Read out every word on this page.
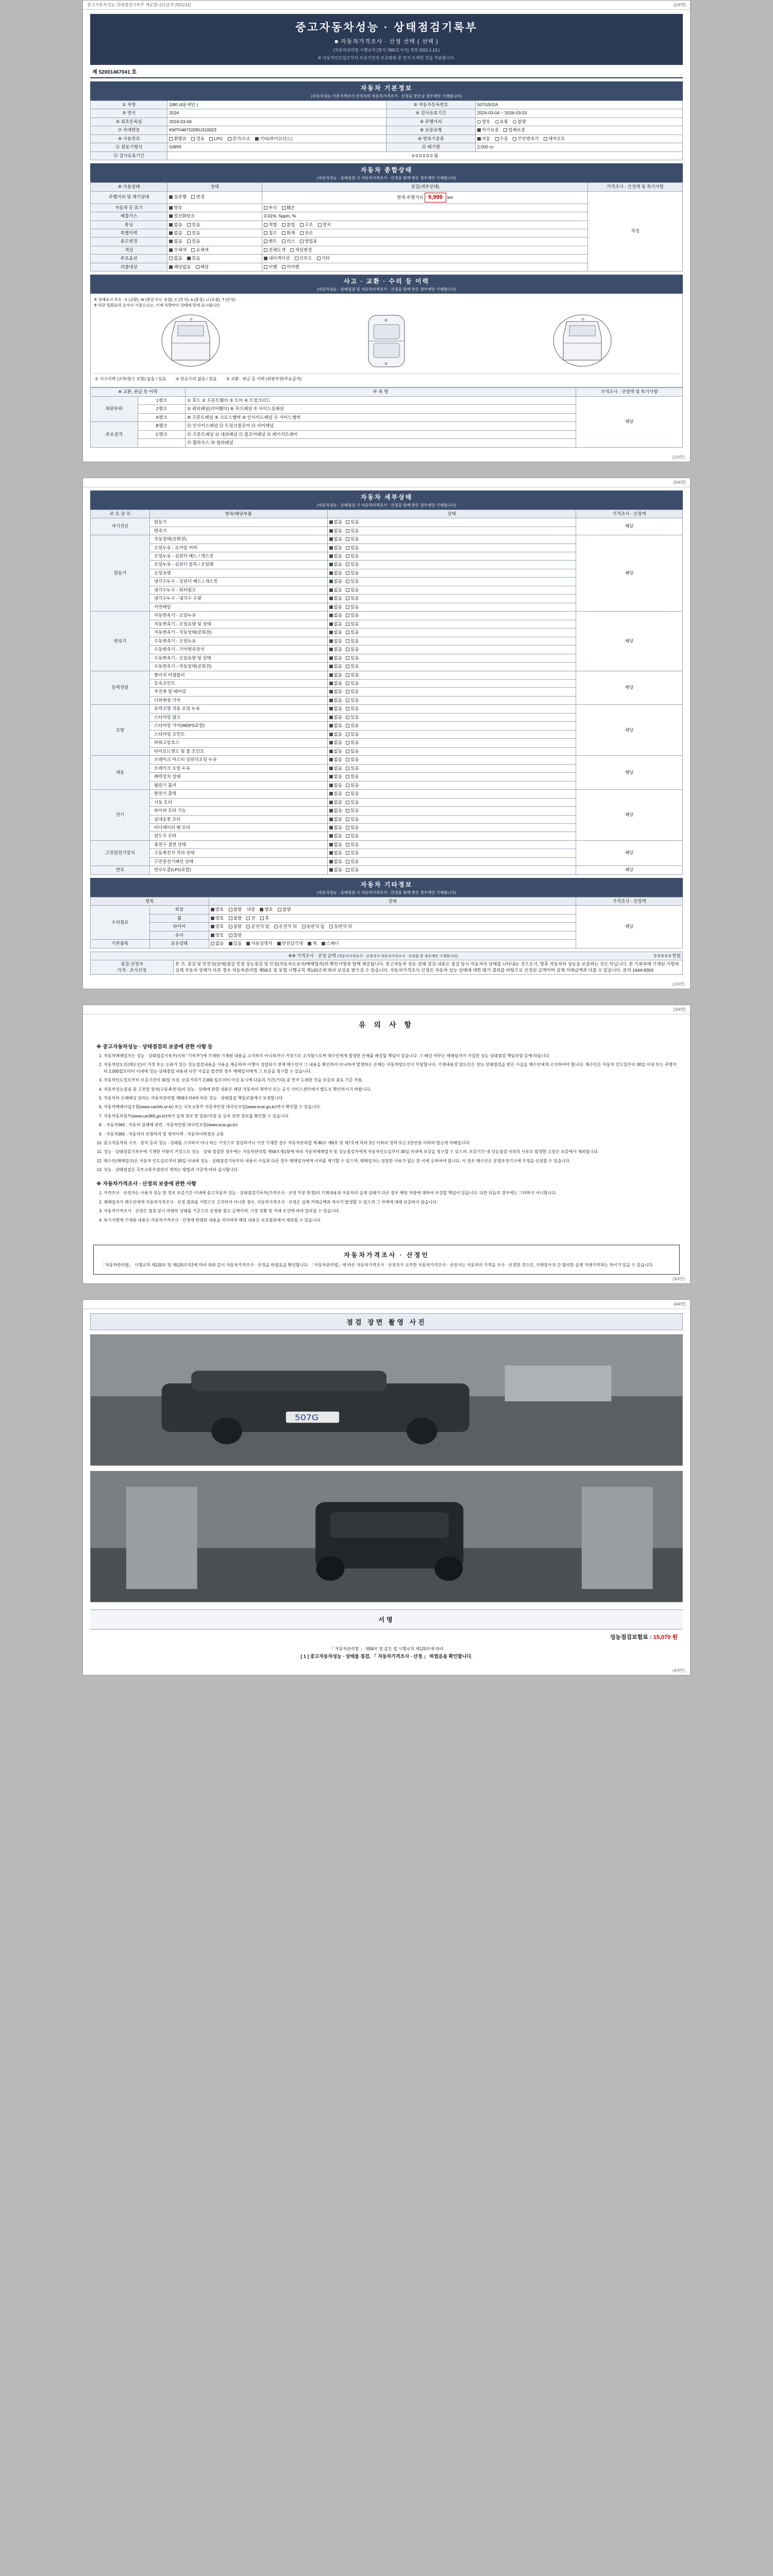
중고자동차성능·상태점검기록부 제공합니다 [1차 2021/11]	(1/4면)
중고자동차성능 · 상태점검기록부
■ 자동차가격조사 · 산정 선택 ( 선택 )
(자동차관리법 시행규칙 [별지 제82호서식] 개정 2021.1.13.)
※ 자동차인도일로부터 보증기간과 보증범위 중 먼저 도래한 것을 적용합니다.
제 52001467041 호
자동차 기본정보
(자동차성능 기본가격조사 산정자의 자동차가격조사 · 산정을 받은날 경우에만 기재합니다)
① 차명	G80 (4륜세단 )	② 자동차등록번호	507G502A
③ 연식	2024	④ 검사유효기간	2024-03-04 ~ 2026-03-03
⑤ 최초등록일	2024-03-04	⑥ 주행거리	양호 보통 불량
⑦ 차대번호	KMTH467GDRU310023	⑧ 보증유형	자가보증 업체보증
⑨ 사용연료	휘발유 경유 LPG 전기/수소 기타(하이브리드)	⑩ 변속기종류	자동 수동 무단변속기 세미오토
⑪ 원동기형식	G6RR	⑫ 배기량	2,500 cc
⑬ 검사유효기간	0 0 0 0 0 0 월		
자동차 종합상태
(자동차성능 · 상태점검 시 자동차가격조사 · 산정을 함께 받은 경우에만 기재합니다)
※ 사용상태	상태	점검(세부상태)	가격조사 · 산정액 및 특기사항
주행거리 및 계기상태	실주행 변경	현재 주행거리 9,999 km	적정
자동차 등 표기	양호	부식 훼손	
배출가스	일산화탄소	0.01%, 5ppm, %	
튜닝	없음 있음	적법 불법 구조 장치	
특별이력	없음 있음	침수 화재 전손	
용도변경	없음 있음	렌트 리스 영업용	
색상	무채색 유채색	전체도색 색상변경	
주요옵션	없음 있음	내비게이션 선루프 기타	
리콜대상	해당없음 해당	이행 미이행	
사고 · 교환 · 수리 등 이력
(자동차성능 · 상태점검 및 자동차가격조사 · 산정을 함께 받은 경우에만 기재합니다)
※ 상태표시 부호 : X (교환), W (판금 또는 용접), C (부식), A (흠집), U (요철), T (손상)
※ 하단 일람표의 숫자가 기준으로는, 기재 차량마다 상태에 맞게 표시합니다
①	⑥
④
②
① 사고이력 (교차/침수 포함) 없음 / 있음 ② 단순수리 없음 / 있음 ③ 교환 · 판금 등 이력 (외판부위/주요골격)
※ 교환, 판금 등 이력		부 위 명	가격조사 · 산정액 및 특기사항
외판부위	1랭크	① 후드 ② 프론트휀더 ③ 도어 ④ 트렁크리드	해당
	2랭크	⑤ 쿼터패널(리어휀더) ⑥ 루프패널 ⑦ 사이드실패널	
	A랭크	⑧ 프론트패널 ⑨ 크로스멤버 ⑩ 인사이드패널 ⑪ 사이드멤버	
주요골격	B랭크	⑫ 인사이드패널 ⑬ 트렁크플로어 ⑭ 리어패널	
	C랭크	⑮ 프론트패널 ⑯ 대쉬패널 ⑰ 플로어패널 ⑱ 패키지트레이	
		⑲ 휠하우스 ⑳ 필러패널	
(1/4면)
(2/4면)
자동차 세부상태
(자동차성능 · 상태점검 시 자동차가격조사 · 산정을 함께 받은 경우에만 기재합니다)
주 요 장 치	항목/해당부품	상태	가격조사 · 산정액
자기진단	원동기	없음 있음	해당
	변속기	없음 있음	
원동기	작동상태(공회전)	없음 있음	해당
	오일누유 - 로커암 커버	없음 있음	
	오일누유 - 실린더 헤드 / 개스킷	없음 있음	
	오일누유 - 실린더 블록 / 오일팬	없음 있음	
	오일유량	없음 있음	
	냉각수누수 - 실린더 헤드 / 개스킷	없음 있음	
	냉각수누수 - 워터펌프	없음 있음	
	냉각수누수 - 냉각수 수량	없음 있음	
	커먼레일	없음 있음	
변속기	자동변속기 - 오일누유	없음 있음	해당
	자동변속기 - 오일유량 및 상태	없음 있음	
	자동변속기 - 작동상태(공회전)	없음 있음	
	수동변속기 - 오일누유	없음 있음	
	수동변속기 - 기어변속장치	없음 있음	
	수동변속기 - 오일유량 및 상태	없음 있음	
	수동변속기 - 작동상태(공회전)	없음 있음	
동력전달	클러치 어셈블리	없음 있음	해당
	등속조인트	없음 있음	
	추진축 및 베어링	없음 있음	
	디퍼렌셜 기어	없음 있음	
조향	동력조향 작동 오일 누유	없음 있음	해당
	스티어링 펌프	없음 있음	
	스티어링 기어(MDPS포함)	없음 있음	
	스티어링 조인트	없음 있음	
	파워고압호스	없음 있음	
	타이로드엔드 및 볼 조인트	없음 있음	
제동	브레이크 마스터 실린더오일 누유	없음 있음	해당
	브레이크 오일 누유	없음 있음	
	배력장치 상태	없음 있음	
	월린기 롤러	없음 있음	
전기	발전기 출력	없음 있음	해당
	시동 모터	없음 있음	
	와이퍼 모터 기능	없음 있음	
	실내송풍 모터	없음 있음	
	라디에이터 팬 모터	없음 있음	
	윈도우 모터	없음 있음	
고전원전기장치	충전구 절연 상태	없음 있음	해당
	구동축전지 격리 상태	없음 있음	
	고전원전기배선 상태	없음 있음	
연료	연료누출(LPG포함)	없음 있음	해당
자동차 기타정보
(자동차성능 · 상태점검 시 자동차가격조사 · 산정을 함께 받은 경우에만 기재합니다)
항목		상태	가격조사 · 산정액
수리필요	외장	양호 불량 내장 양호 불량	해당
	휠	양호 불량 전 후	
	타이어	양호 불량 운전석 앞 운전석 뒤 동반석 앞 동반석 뒤	
	유리	양호 불량	
기본품목	보유상태	없음 있음 사용설명서 안전삼각대 잭 스패너	
※※ 가격조사 · 산정 금액 (자동차가격조사 · 산정자가 자동차가격조사 · 산정을 한 경우에만 기재합니다)	0 0 0 0 0 만원

점검·산정자
가격 · 조사산정
	본 건, 점검 및 안전성(상태)점검 인정 성능점검 및 인정(자동차소유자/매매업자)의 확인서명과 함께 제공됩니다. 중고자동차 성능·상태 점검 내용은 점검 당시 자동차의 상태를 나타내는 것으로서, 향후 자동차의 성능을 보증하는 것은 아닙니다. 본 기록부에 기재된 사항과 실제 자동차 상태가 다른 경우 자동차관리법 제58조 및 동법 시행규칙 제120조에 따라 보상을 받으실 수 있습니다. 자동차가격조사·산정은 자동차 성능·상태에 대한 평가 결과를 바탕으로 산정된 금액이며 실제 거래금액과 다를 수 있습니다. 문의 1644-9303
(2/4면)
(3/4면)
유 의 사 항
※ 중고자동차성능 · 상태점검의 보증에 관한 사항 등
1. 자동차매매업자는 성능 · 상태점검기록부(이하 "기록부")에 기재된 기재된 내용을 고지하지 아니하거나 거짓으로 고지함으로써 매수인에게 발생한 손해를 배상할 책임이 있습니다. 그 배상 여부는 매매업자가 가입한 성능·상태점검 책임보험 등에 따릅니다.
2. 자동차양도인(매도인)이 거짓 또는 오류가 있는 성능점검내용을 사용을 제공하여 이행이 성립되기 전에 매수인이 그 내용을 확인하지 아니하여 발생하는 손해는 자동차양도인이 부담합니다. 기재내용상 양도인은 성능·상태점검을 받은 사실을 매수인에게 고지하여야 합니다. 매수인은 자동차 인도일부터 30일 이내 또는 주행거리 2,000킬로미터 이내에 성능·상태점검 내용과 다른 사실을 발견한 경우 매매업자에게 그 보증을 청구할 수 있습니다.
3. 자동차인도일로부터 보증기간이 30일 이상, 보증거리가 2,000 킬로미터 이상 동시에 다음의 기간(거리) 중 먼저 도래한 것을 보증의 종료 기준 적용.
4. 자동차성능점검 중 고전압 장치(구동축전지)의 성능 · 상태에 관한 내용은 해당 자동차의 제작사 또는 공식 서비스센터에서 별도로 확인하시기 바랍니다.
5. 자동차의 손해배상 권리는 자동차관리법 제58조의4에 따른 성능 · 상태점검 책임보험에서 보장합니다.
6. 자동차매매사업조합(www.carinfo.or.kr) 또는 국토교통부 자동차민원 대국민포털(www.ecar.go.kr)에서 확인할 수 있습니다.
7. 자동차등록원부(www.car365.go.kr)에서 실제 정보 및 압류/저당 등 등록 관련 정보를 확인할 수 있습니다.
8. · 자동차365 : 자동차 실매매 관련 : 자동차민원 대국민포털(www.ecar.go.kr)
9. · 자동차365 : 자동차의 보험처리 및 정비이력 : 자동차이력정보 교통
10. 중고자동차의 구조 · 장치 등의 성능 · 상태를 고지하지 아니 하는 거짓으로 점검하거나 거짓 기재한 경우 자동차관리법 제 80조 제6호 및 제7호에 따라 2년 이하의 징역 또는 2천만원 이하의 벌금에 처해집니다.
11. 성능 · 상태점검기록부에 기재한 사항이 거짓으로 성능 · 상태 점검한 경우에는 자동차관리법 제58조제1항에 따라 자동차매매업자 및 성능점검자에게 자동차인도일부터 30일 이내에 보상을 청구할 수 있으며, 보증기간 내 성능점검 이외의 사유로 발생한 고장은 보증에서 제외됩니다.
12. 매수인(매매업자)은 자동차 인도일로부터 30일 이내에 성능 · 상태점검기록부의 내용이 사실과 다른 경우 매매업자에게 이의를 제기할 수 있으며, 매매업자는 정당한 사유가 없는 한 이에 응하여야 합니다. 이 경우 매수인은 분쟁조정기구에 조정을 신청할 수 있습니다.
13. 성능 · 상태점검은 국토교통부장관이 정하는 방법과 기준에 따라 실시합니다.
※ 자동차가격조사 · 산정의 보증에 관한 사항
1. 가격조사 · 산정자는 사용자 성능 및 정보 보증기간 이내에 중고자동차 성능 · 상태점검기록부(가격조사 · 산정 부분 한정)의 기재내용과 자동차의 실제 상태가 다른 경우 해당 차량에 대하여 보상할 책임이 있습니다. 다만 다음의 경우에는 그러하지 아니합니다.
2. 매매업자가 매수인에게 자동차가격조사 · 산정 결과를 서면으로 고지하지 아니한 경우, 자동차가격조사 · 산정은 실제 거래금액과 차이가 발생할 수 있으며 그 차액에 대해 보증하지 않습니다.
3. 자동차가격조사 · 산정은 점검 당시 차량의 상태를 기준으로 산정된 참고 금액이며, 시장 상황 및 거래 조건에 따라 달라질 수 있습니다.
4. 특기사항에 기재된 내용은 자동차가격조사 · 산정에 반영된 내용을 의미하며 해당 내용은 보증범위에서 제외될 수 있습니다.
자동차가격조사 · 산정인
「자동차관리법」 시행규칙 제120조 및 제120조의2에 따라 위와 같이 자동차가격조사 · 산정을 하였음을 확인합니다. 「자동차관리법」에 따른 자동차가격조사 · 산정자가 교부한 자동차가격조사 · 산정서는 자동차의 가격을 조사 · 산정한 것으로, 거래당사자 간 합의한 실제 거래가격과는 차이가 있을 수 있습니다.
(3/4면)
(4/4면)
점검 장면 촬영 사진
507G
서명
성능점검보험료 : 15,070 원
「 자동차관리법 」 제58조 및 같은 법 시행규칙 제120조에 따라
[ 1 ] 중고자동차성능 · 상태를 점검, 「 자동차가격조사 · 산정 」 하였음을 확인합니다.
(4/4면)
